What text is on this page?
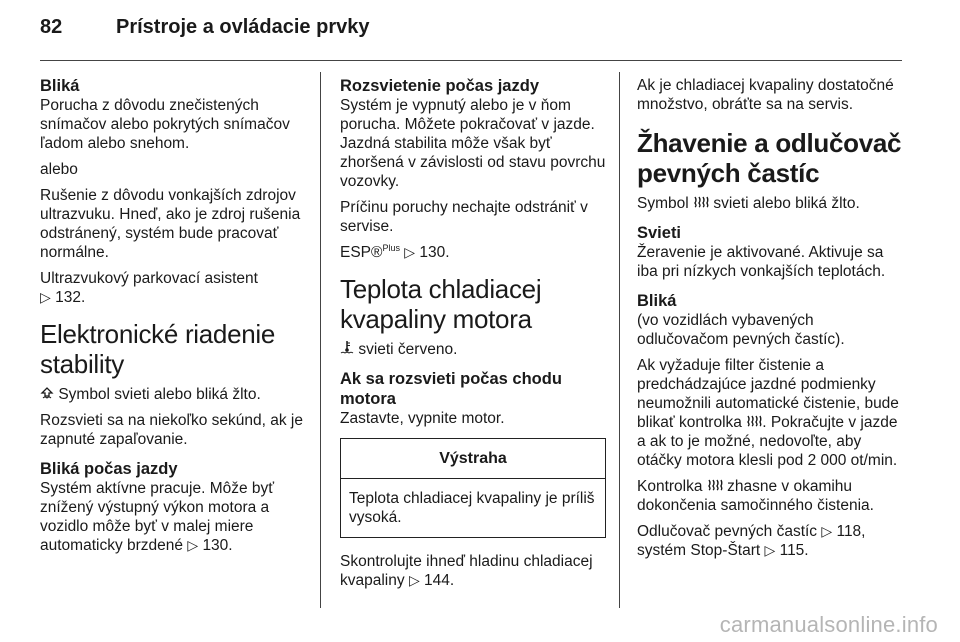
82	Prístroje a ovládacie prvky
Bliká

Porucha z dôvodu znečistených snímačov alebo pokrytých snímačov ľadom alebo snehom.

alebo

Rušenie z dôvodu vonkajších zdrojov ultrazvuku. Hneď, ako je zdroj rušenia odstránený, systém bude pracovať normálne.

Ultrazvukový parkovací asistent
▷ 132.

Elektronické riadenie stability

Symbol svieti alebo bliká žlto.

Rozsvieti sa na niekoľko sekúnd, ak je zapnuté zapaľovanie.

Bliká počas jazdy

Systém aktívne pracuje. Môže byť znížený výstupný výkon motora a vozidlo môže byť v malej miere automaticky brzdené ▷ 130.

Rozsvietenie počas jazdy

Systém je vypnutý alebo je v ňom porucha. Môžete pokračovať v jazde. Jazdná stabilita môže však byť zhoršená v závislosti od stavu povrchu vozovky.

Príčinu poruchy nechajte odstrániť v servise.

ESP®$^{Plus}$ ▷ 130.

Teplota chladiacej kvapaliny motora

svieti červeno.

Ak sa rozsvieti počas chodu motora

Zastavte, vypnite motor.

Výstraha
Teplota chladiacej kvapaliny je príliš vysoká.

Skontrolujte ihneď hladinu chladiacej kvapaliny ▷ 144.

Ak je chladiacej kvapaliny dostatočné množstvo, obráťte sa na servis.

Žhavenie a odlučovač pevných častíc

Symbol svieti alebo bliká žlto.

Svieti

Žeravenie je aktivované. Aktivuje sa iba pri nízkych vonkajších teplotách.

Bliká

(vo vozidlách vybavených odlučovačom pevných častíc).

Ak vyžaduje filter čistenie a predchádzajúce jazdné podmienky neumožnili automatické čistenie, bude blikať kontrolka . Pokračujte v jazde a ak to je možné, nedovoľte, aby otáčky motora klesli pod 2 000 ot/min.

Kontrolka zhasne v okamihu dokončenia samočinného čistenia.

Odlučovač pevných častíc ▷ 118,
systém Stop-Štart ▷ 115.

carmanualsonline.info
